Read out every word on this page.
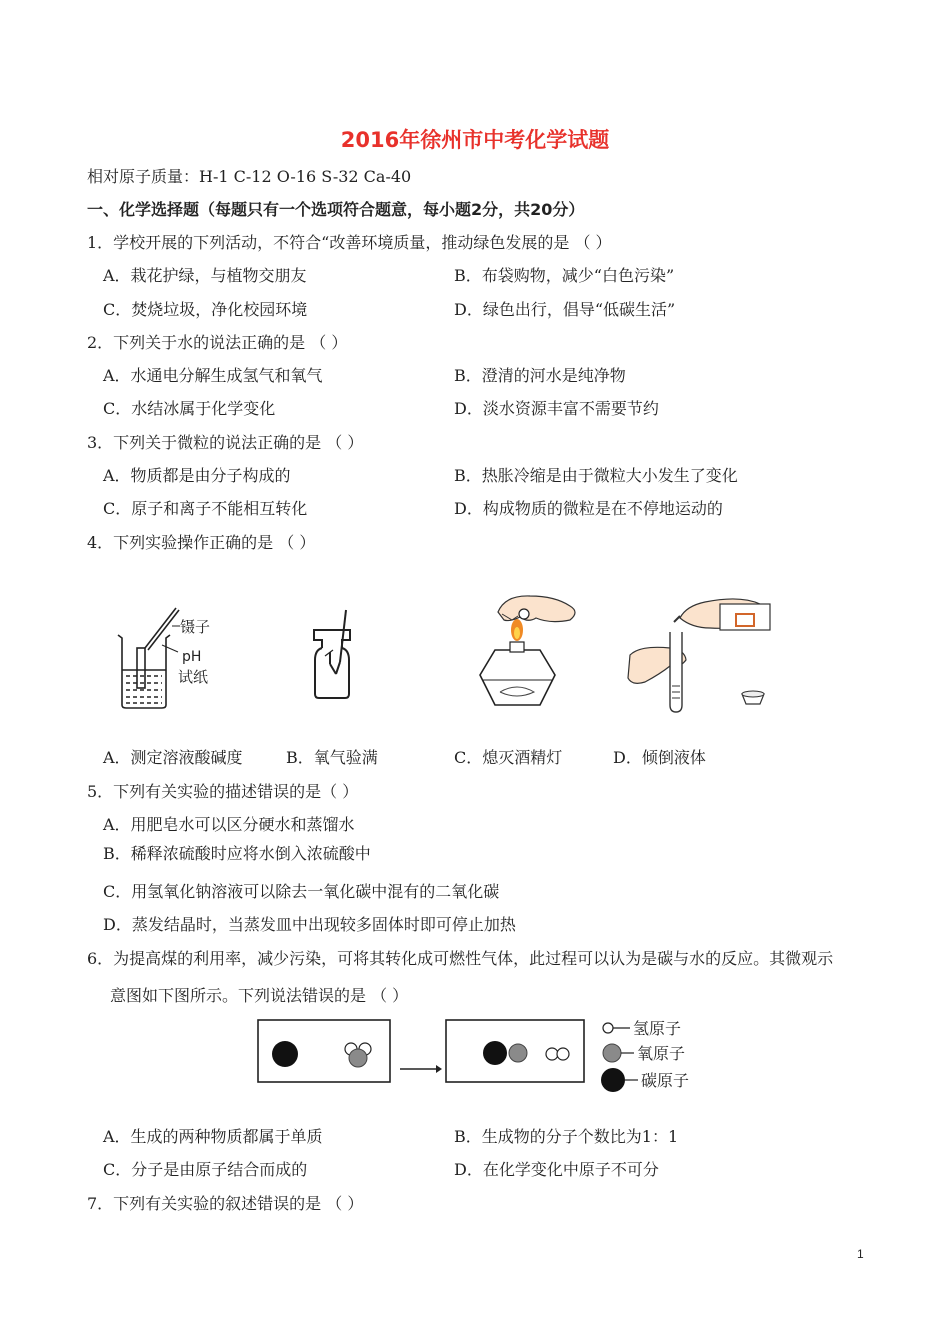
2016年徐州市中考化学试题
相对原子质量：H-1 C-12 O-16 S-32 Ca-40
一、化学选择题（每题只有一个选项符合题意，每小题2分，共20分）
1．学校开展的下列活动，不符合“改善环境质量，推动绿色发展的是 （ ）
A．栽花护绿，与植物交朋友	B．布袋购物，减少“白色污染”
C．焚烧垃圾，净化校园环境	D．绿色出行，倡导“低碳生活”
2．下列关于水的说法正确的是 （ ）
A．水通电分解生成氢气和氧气	B．澄清的河水是纯净物
C．水结冰属于化学变化	D．淡水资源丰富不需要节约
3．下列关于微粒的说法正确的是 （ ）
A．物质都是由分子构成的	B．热胀冷缩是由于微粒大小发生了变化
C．原子和离子不能相互转化	D．构成物质的微粒是在不停地运动的
4．下列实验操作正确的是 （ ）
镊子
pH
试纸
A．测定溶液酸碱度	B．氧气验满	C．熄灭酒精灯	D．倾倒液体
5．下列有关实验的描述错误的是（ ）
A．用肥皂水可以区分硬水和蒸馏水
B．稀释浓硫酸时应将水倒入浓硫酸中
C．用氢氧化钠溶液可以除去一氧化碳中混有的二氧化碳
D．蒸发结晶时，当蒸发皿中出现较多固体时即可停止加热
6．为提高煤的利用率，减少污染，可将其转化成可燃性气体，此过程可以认为是碳与水的反应。其微观示
意图如下图所示。下列说法错误的是 （ ）
氢原子
氧原子
碳原子
A．生成的两种物质都属于单质	B．生成物的分子个数比为1：1
C．分子是由原子结合而成的	D．在化学变化中原子不可分
7．下列有关实验的叙述错误的是 （ ）
1
